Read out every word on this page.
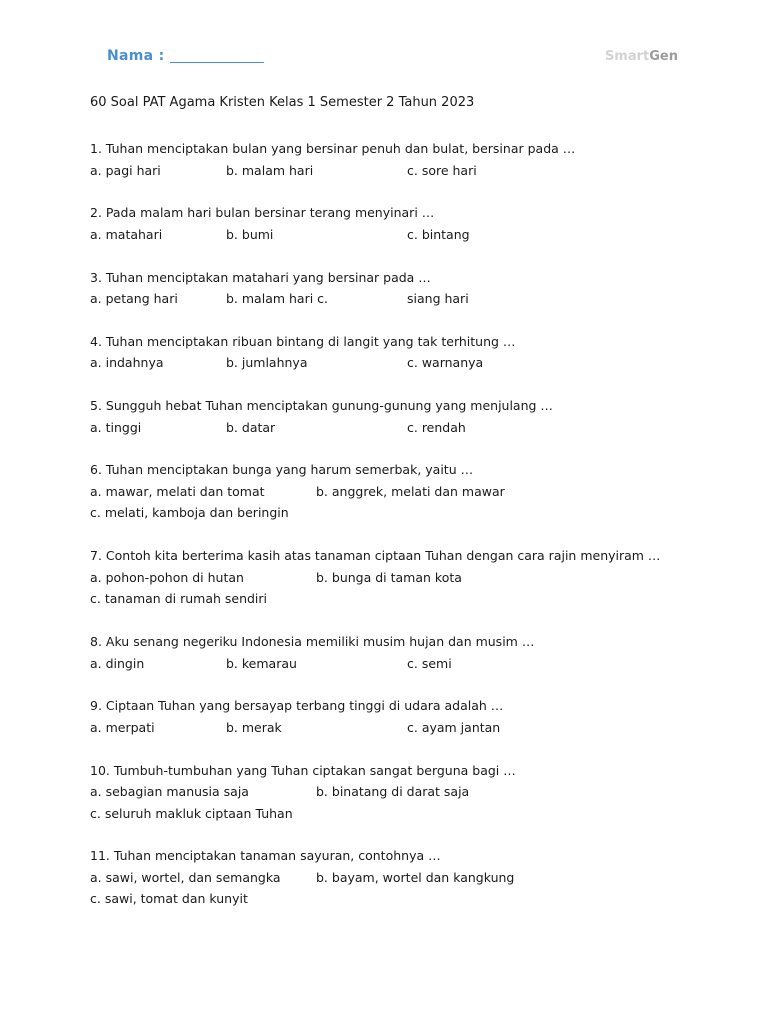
Nama :	SmartGen
60 Soal PAT Agama Kristen Kelas 1 Semester 2 Tahun 2023
1. Tuhan menciptakan bulan yang bersinar penuh dan bulat, bersinar pada …
a. pagi hari	b. malam hari	c. sore hari
2. Pada malam hari bulan bersinar terang menyinari …
a. matahari	b. bumi	c. bintang
3. Tuhan menciptakan matahari yang bersinar pada …
a. petang hari	b. malam hari c.	siang hari
4. Tuhan menciptakan ribuan bintang di langit yang tak terhitung …
a. indahnya	b. jumlahnya	c. warnanya
5. Sungguh hebat Tuhan menciptakan gunung-gunung yang menjulang …
a. tinggi	b. datar	c. rendah
6. Tuhan menciptakan bunga yang harum semerbak, yaitu …
a. mawar, melati dan tomat	b. anggrek, melati dan mawar
c. melati, kamboja dan beringin
7. Contoh kita berterima kasih atas tanaman ciptaan Tuhan dengan cara rajin menyiram …
a. pohon-pohon di hutan	b. bunga di taman kota
c. tanaman di rumah sendiri
8. Aku senang negeriku Indonesia memiliki musim hujan dan musim …
a. dingin	b. kemarau	c. semi
9. Ciptaan Tuhan yang bersayap terbang tinggi di udara adalah …
a. merpati	b. merak	c. ayam jantan
10. Tumbuh-tumbuhan yang Tuhan ciptakan sangat berguna bagi …
a. sebagian manusia saja	b. binatang di darat saja
c. seluruh makluk ciptaan Tuhan
11. Tuhan menciptakan tanaman sayuran, contohnya …
a. sawi, wortel, dan semangka	b. bayam, wortel dan kangkung
c. sawi, tomat dan kunyit
